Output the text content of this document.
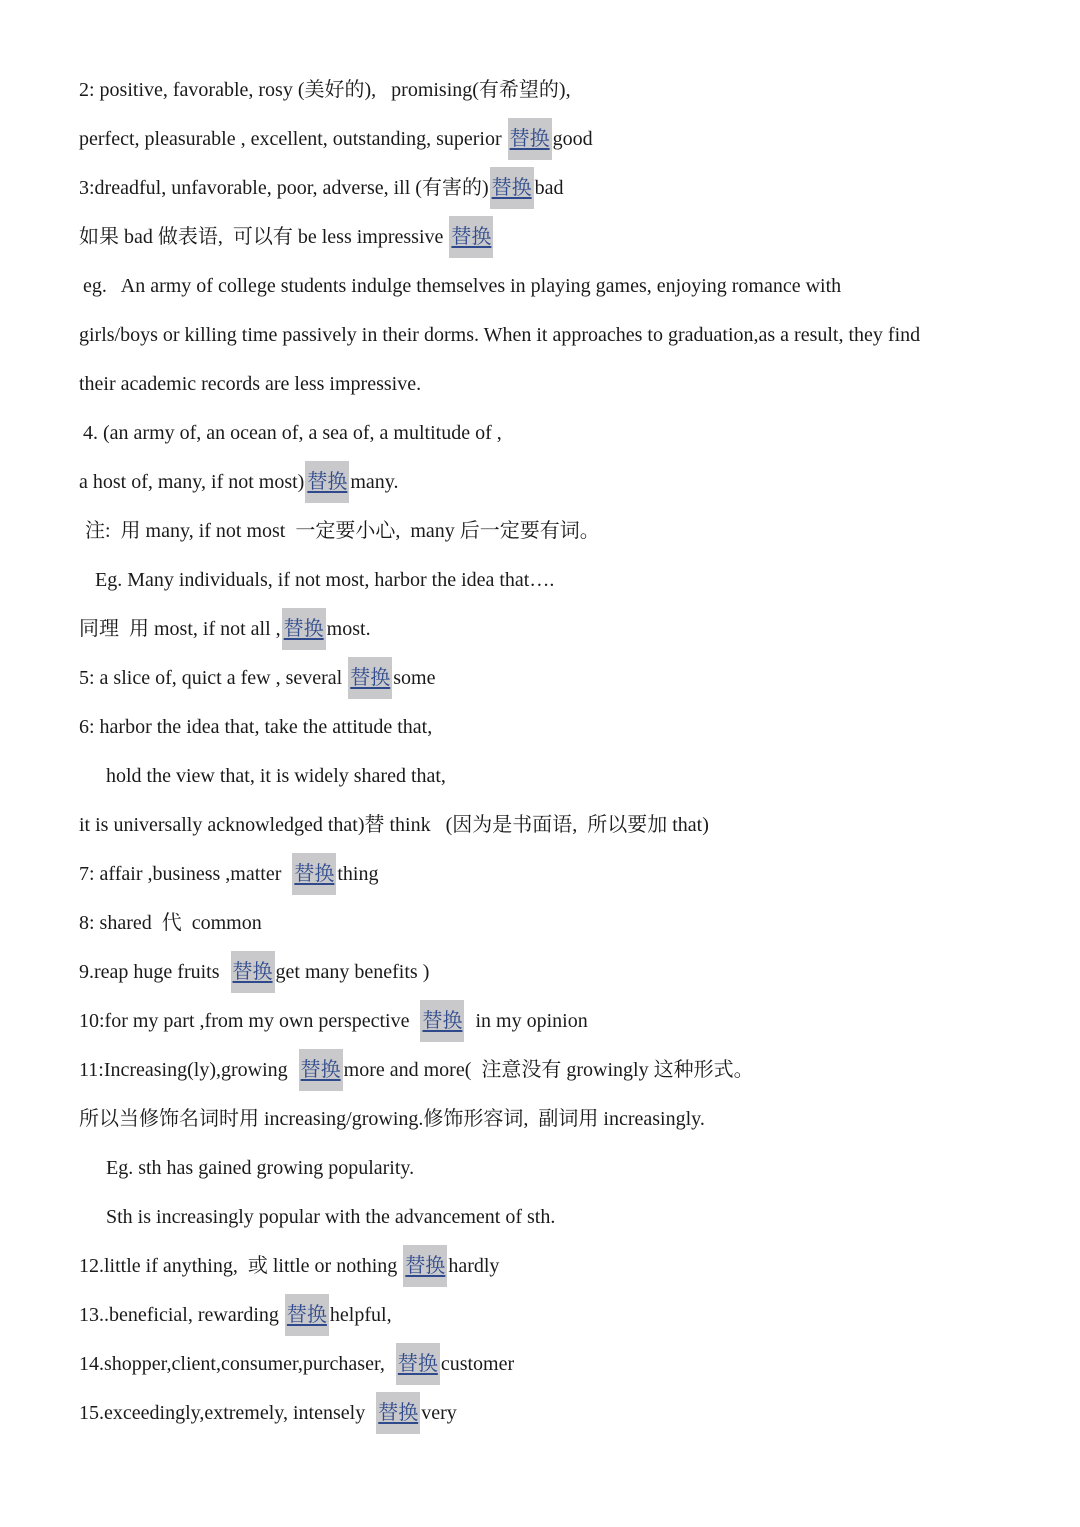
2: positive, favorable, rosy (美好的),   promising(有希望的),
perfect, pleasurable , excellent, outstanding, superior 替换 good
3:dreadful, unfavorable, poor, adverse, ill (有害的) 替换 bad
如果 bad 做表语,  可以有 be less impressive 替换
eg.   An army of college students indulge themselves in playing games, enjoying romance with
girls/boys or killing time passively in their dorms. When it approaches to graduation,as a result, they find
their academic records are less impressive.
4. (an army of, an ocean of, a sea of, a multitude of ,
a host of, many, if not most) 替换 many.
注:  用 many, if not most  一定要小心,  many 后一定要有词。
Eg. Many individuals, if not most, harbor the idea that….
同理  用 most, if not all , 替换 most.
5: a slice of, quict a few , several 替换 some
6: harbor the idea that, take the attitude that,
hold the view that, it is widely shared that,
it is universally acknowledged that)替 think   (因为是书面语,  所以要加 that)
7: affair ,business ,matter  替换 thing
8: shared  代  common
9.reap huge fruits  替换 get many benefits )
10:for my part ,from my own perspective  替换  in my opinion
11:Increasing(ly),growing  替换 more and more(  注意没有 growingly 这种形式。
所以当修饰名词时用 increasing/growing.修饰形容词,  副词用 increasingly.
Eg. sth has gained growing popularity.
Sth is increasingly popular with the advancement of sth.
12.little if anything,  或 little or nothing 替换 hardly
13..beneficial, rewarding 替换 helpful,
14.shopper,client,consumer,purchaser,  替换 customer
15.exceedingly,extremely, intensely  替换 very
